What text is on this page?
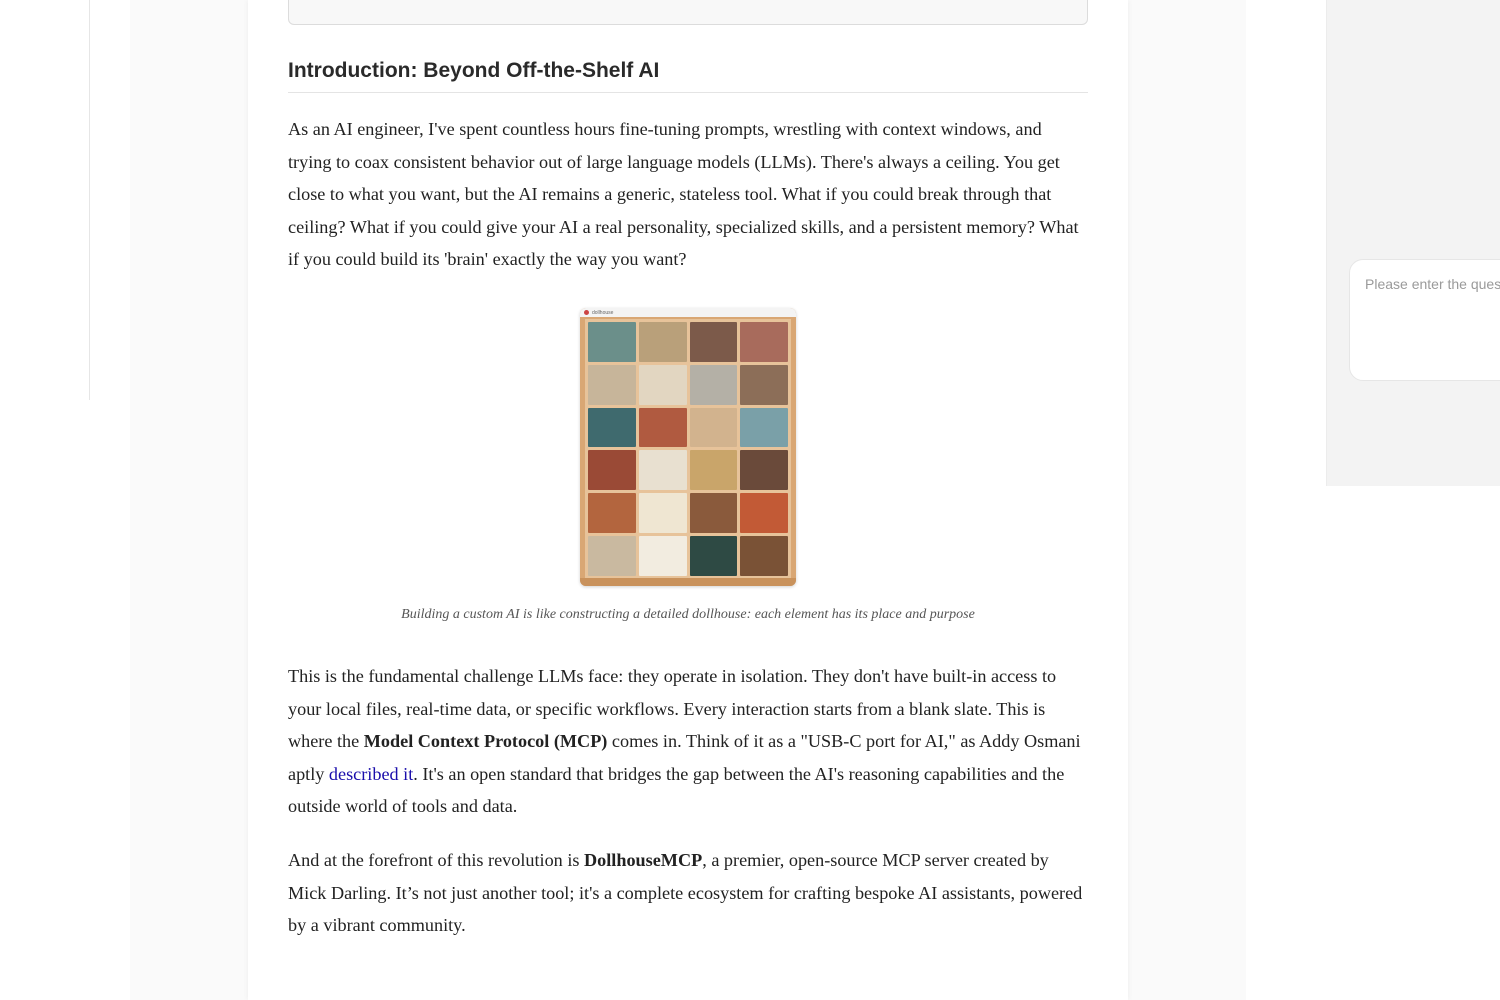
Introduction: Beyond Off-the-Shelf AI

As an AI engineer, I've spent countless hours fine-tuning prompts, wrestling with context windows, and trying to coax consistent behavior out of large language models (LLMs). There's always a ceiling. You get close to what you want, but the AI remains a generic, stateless tool. What if you could break through that ceiling? What if you could give your AI a real personality, specialized skills, and a persistent memory? What if you could build its 'brain' exactly the way you want?

dollhouse
Building a custom AI is like constructing a detailed dollhouse: each element has its place and purpose

This is the fundamental challenge LLMs face: they operate in isolation. They don't have built-in access to your local files, real-time data, or specific workflows. Every interaction starts from a blank slate. This is where the Model Context Protocol (MCP) comes in. Think of it as a "USB-C port for AI," as Addy Osmani aptly described it. It's an open standard that bridges the gap between the AI's reasoning capabilities and the outside world of tools and data.

And at the forefront of this revolution is DollhouseMCP, a premier, open-source MCP server created by Mick Darling. It’s not just another tool; it's a complete ecosystem for crafting bespoke AI assistants, powered by a vibrant community.

Please enter the question
